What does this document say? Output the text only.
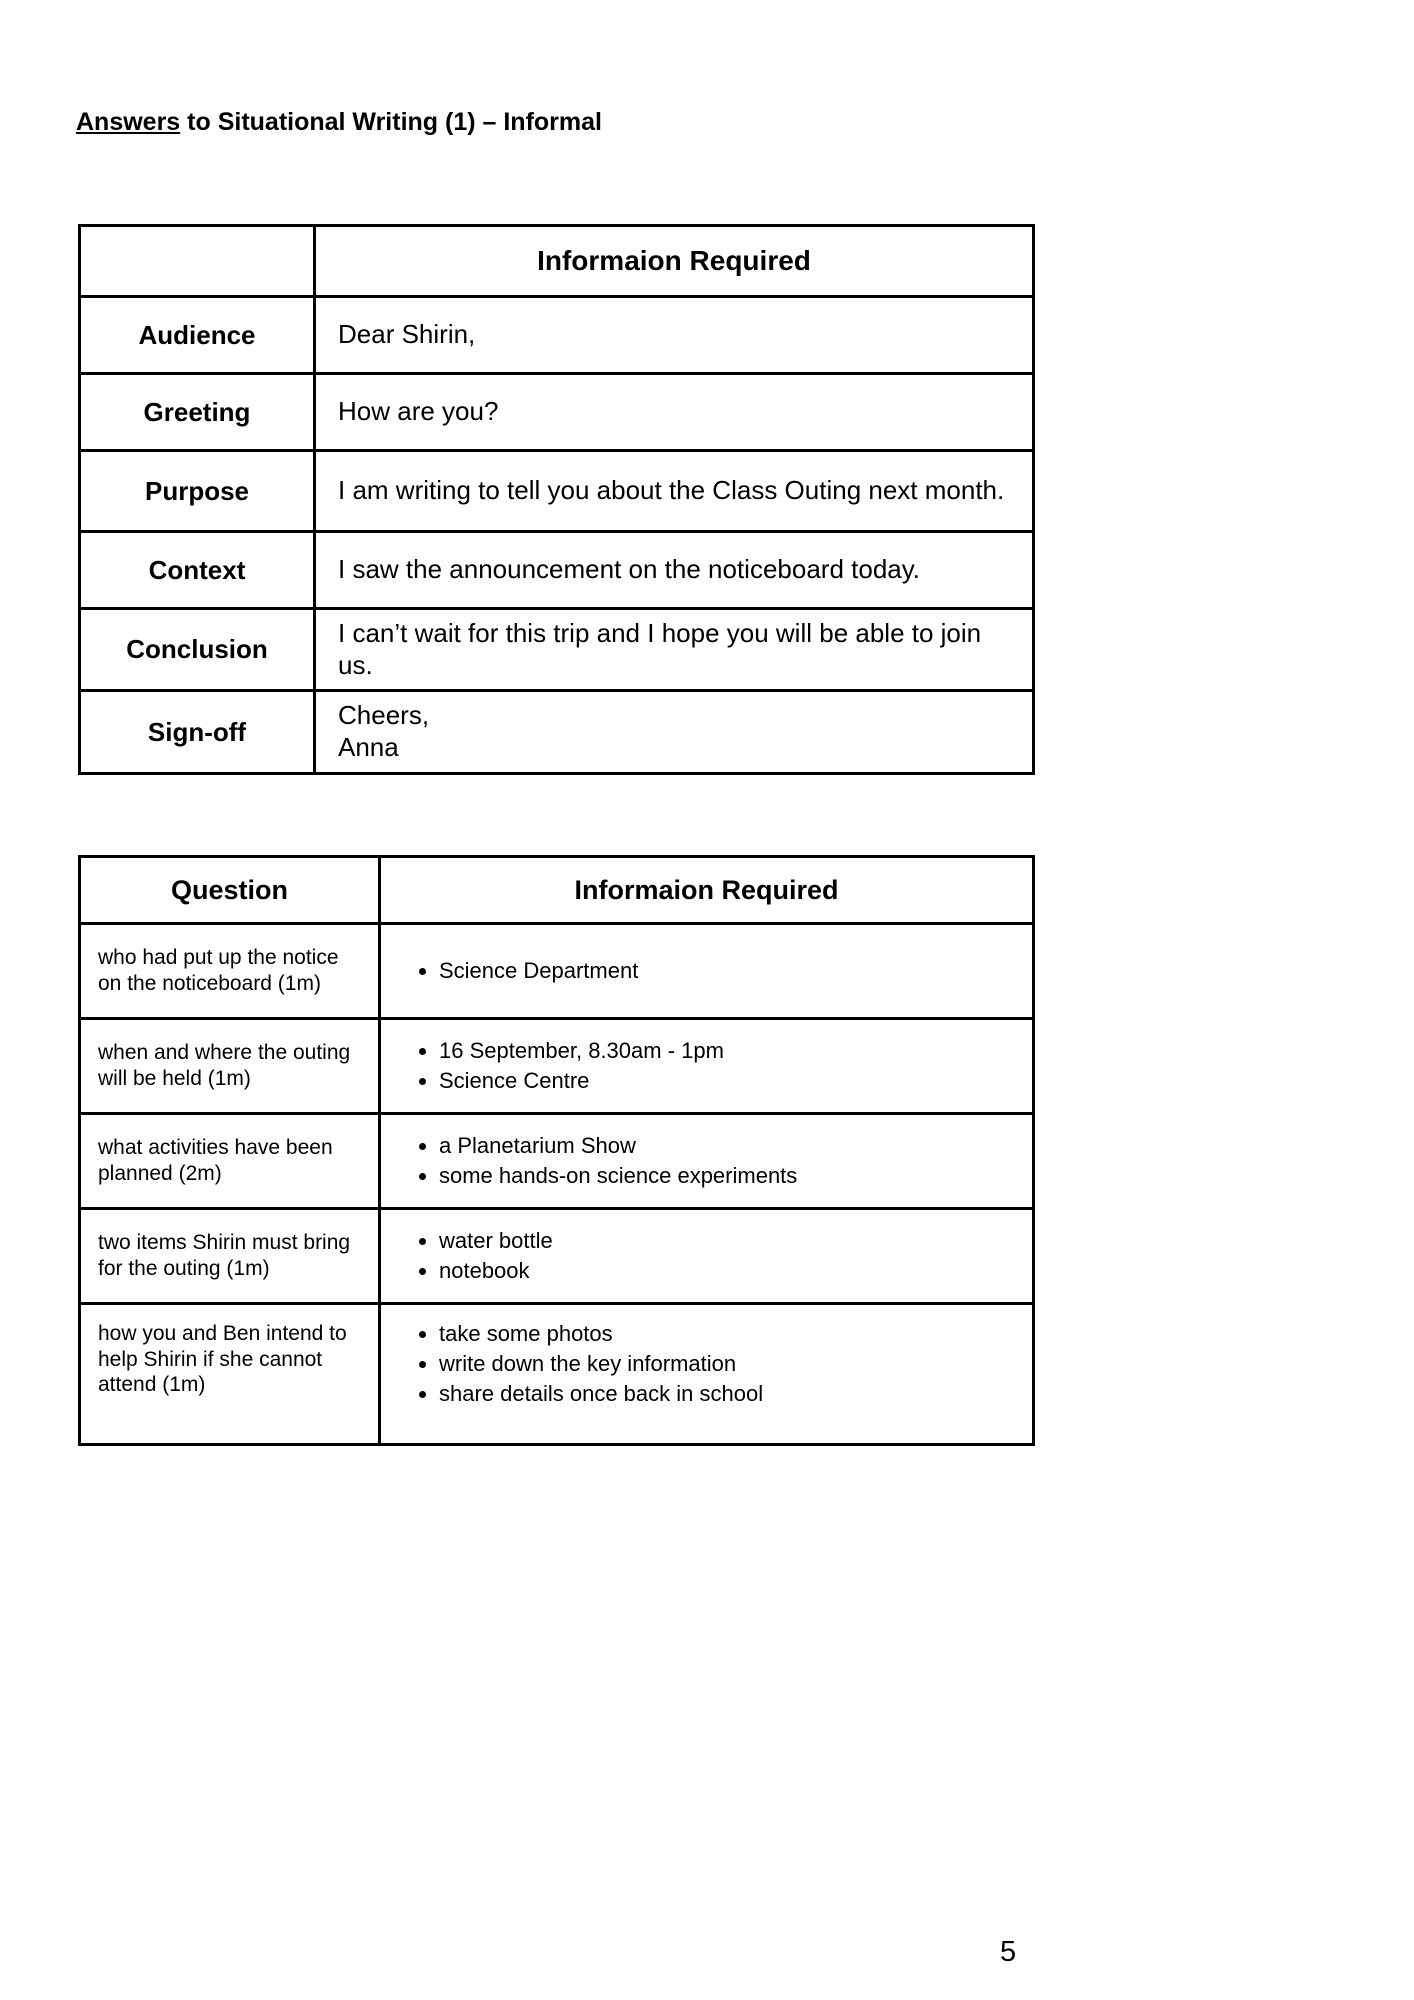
Answers to Situational Writing (1) – Informal
	Informaion Required
Audience	Dear Shirin,
Greeting	How are you?
Purpose	I am writing to tell you about the Class Outing next month.
Context	I saw the announcement on the noticeboard today.
Conclusion	I can’t wait for this trip and I hope you will be able to join us.
Sign-off	Cheers,
Anna
Question	Informaion Required
who had put up the notice on the noticeboard (1m)	
• Science Department

when and where the outing will be held (1m)	
• 16 September, 8.30am - 1pm
• Science Centre

what activities have been planned (2m)	
• a Planetarium Show
• some hands-on science experiments

two items Shirin must bring for the outing (1m)	
• water bottle
• notebook

how you and Ben intend to help Shirin if she cannot attend (1m)	
• take some photos
• write down the key information
• share details once back in school
5
